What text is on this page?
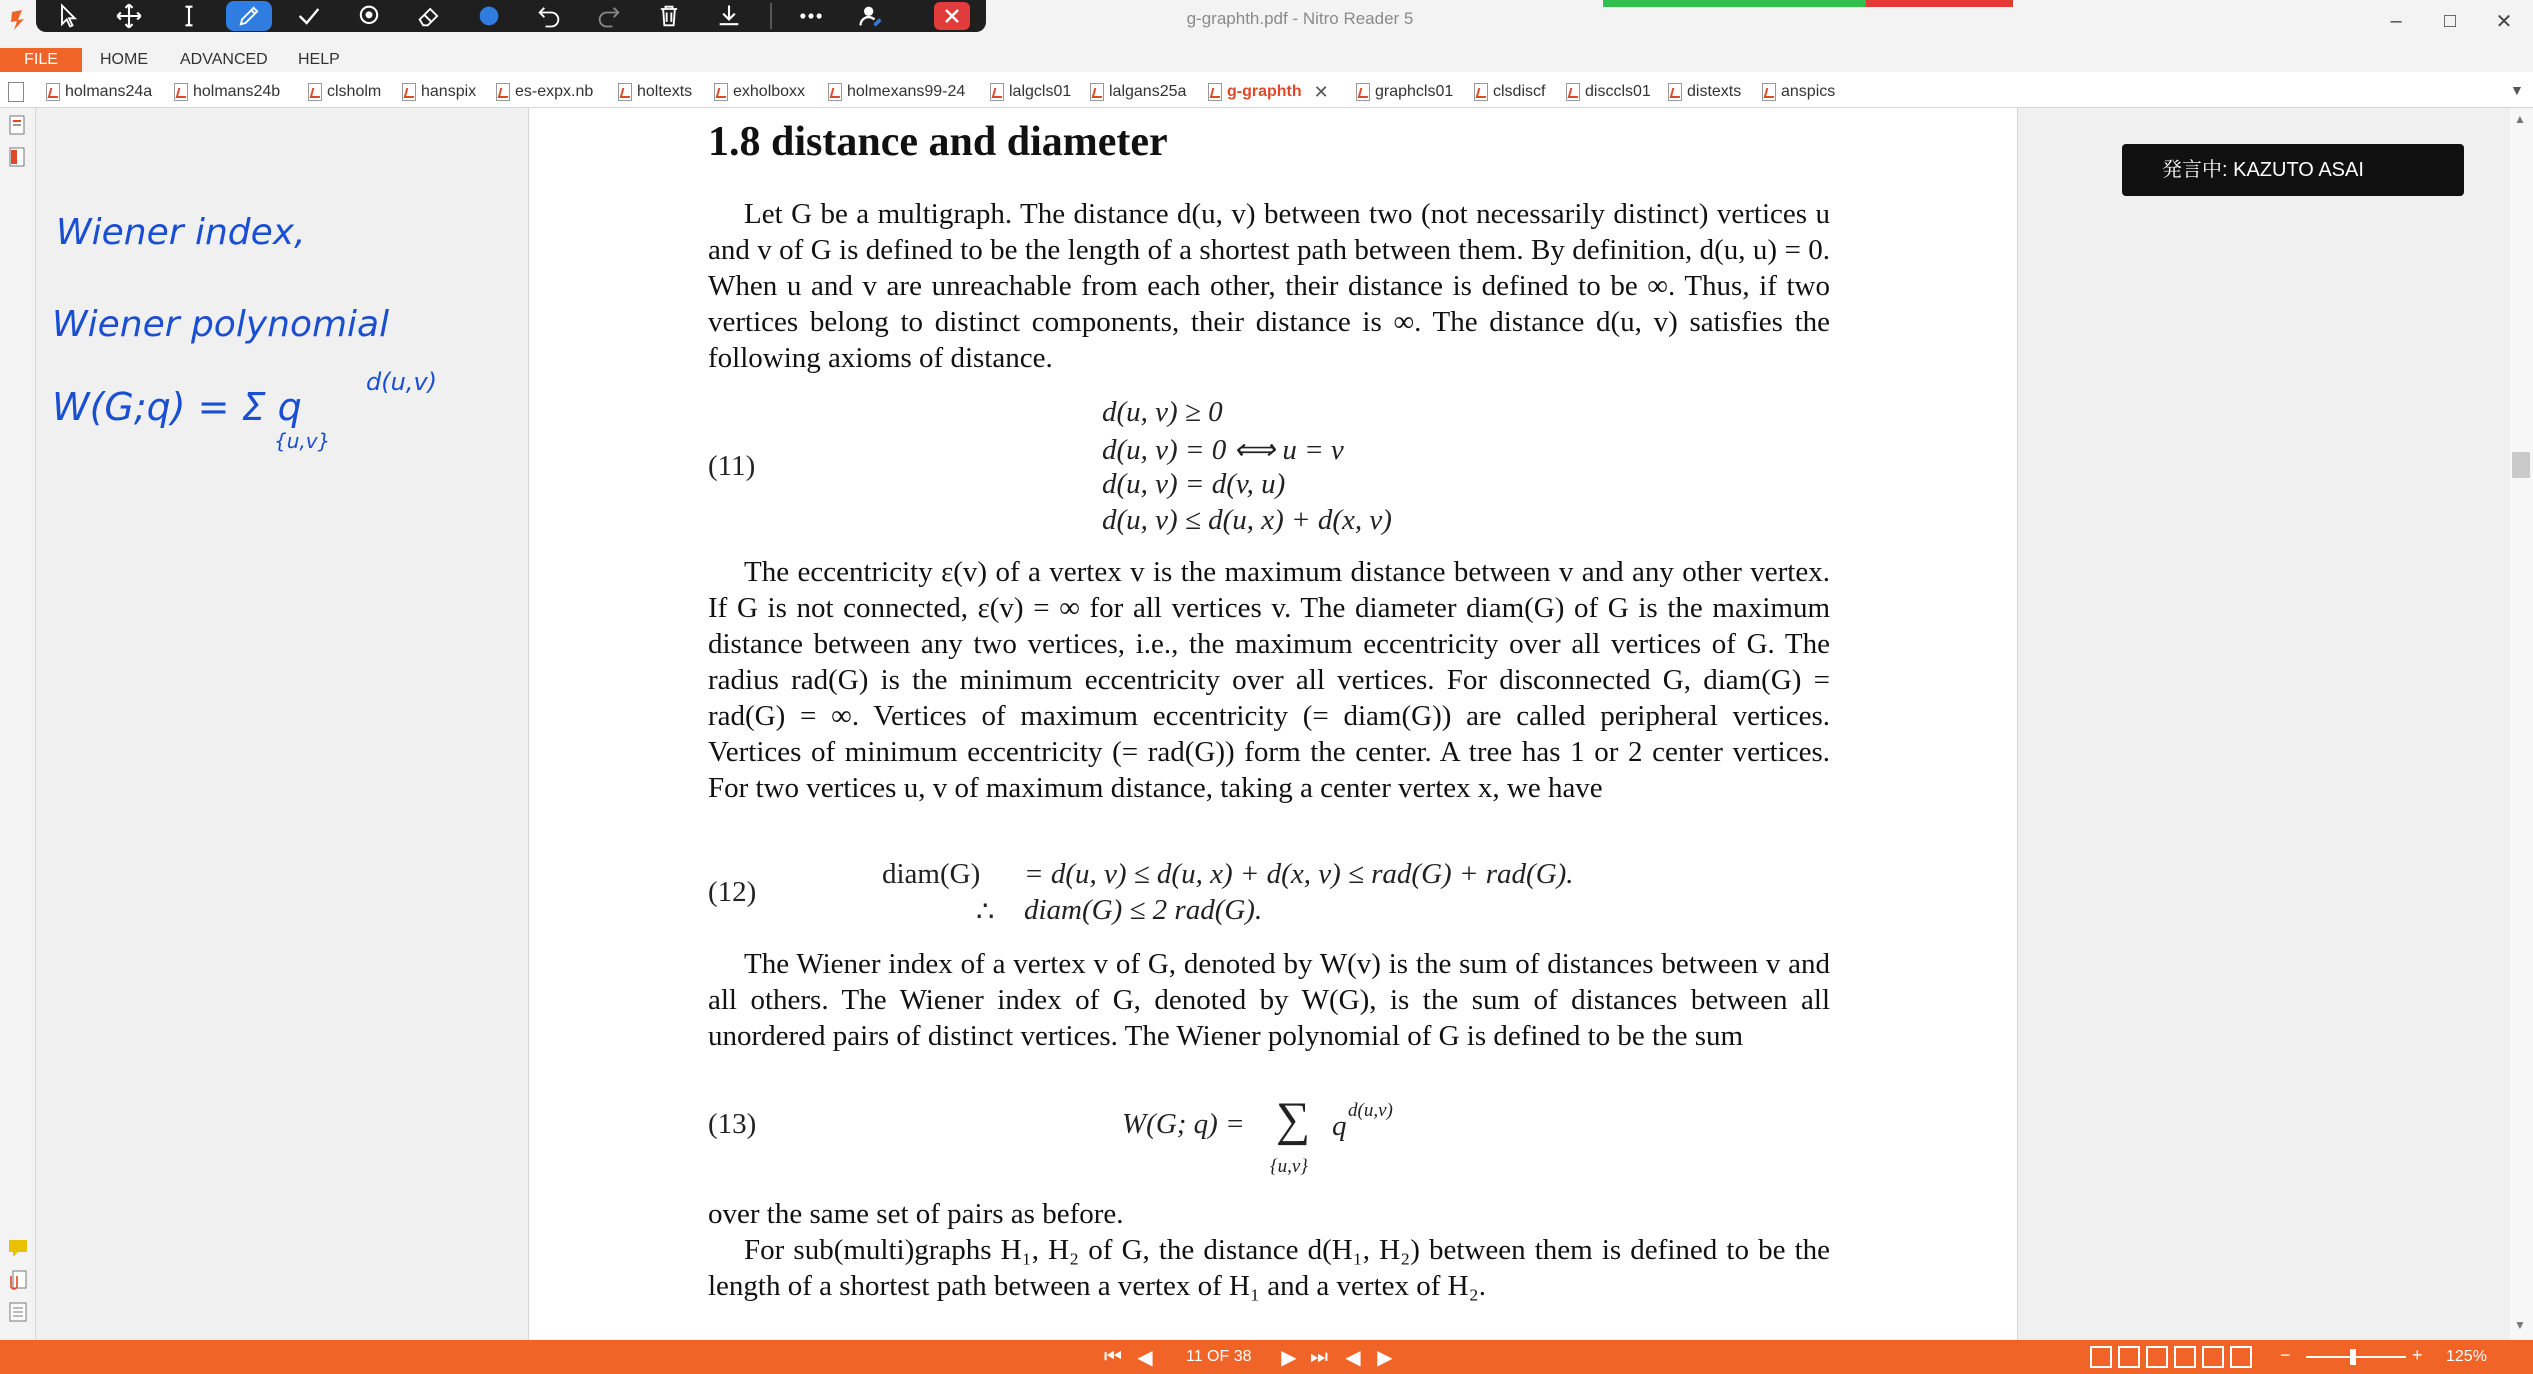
g-graphth.pdf - Nitro Reader 5	–	□	✕
FILE	HOME ADVANCED HELP
holmans24a	holmans24b	clsholm hanspix es-expx.nb	holtexts	exholboxx	holmexans99-24	lalgcls01 lalgans25a	g-graphth ✕	graphcls01 clsdiscf disccls01 distexts anspics	▼
▲
▼
発言中: KAZUTO ASAI
Wiener index,
Wiener polynomial
W(G;q) = Σ q
d(u,v)
{u,v}
1.8 distance and diameter

Let G be a multigraph. The distance d(u, v) between two (not necessarily distinct) vertices u and v of G is defined to be the length of a shortest path between them. By definition, d(u, u) = 0. When u and v are unreachable from each other, their distance is defined to be ∞. Thus, if two vertices belong to distinct components, their distance is ∞. The distance d(u, v) satisfies the following axioms of distance.

(11)
d(u, v) ≥ 0
d(u, v) = 0 ⟺ u = v
d(u, v) = d(v, u)
d(u, v) ≤ d(u, x) + d(x, v)

The eccentricity ε(v) of a vertex v is the maximum distance between v and any other vertex. If G is not connected, ε(v) = ∞ for all vertices v. The diameter diam(G) of G is the maximum distance between any two vertices, i.e., the maximum eccentricity over all vertices of G. The radius rad(G) is the minimum eccentricity over all vertices. For disconnected G, diam(G) = rad(G) = ∞. Vertices of maximum eccentricity (= diam(G)) are called peripheral vertices. Vertices of minimum eccentricity (= rad(G)) form the center. A tree has 1 or 2 center vertices. For two vertices u, v of maximum distance, taking a center vertex x, we have

(12)
diam(G) = d(u, v) ≤ d(u, x) + d(x, v) ≤ rad(G) + rad(G).
∴ diam(G) ≤ 2 rad(G).

The Wiener index of a vertex v of G, denoted by W(v) is the sum of distances between v and all others. The Wiener index of G, denoted by W(G), is the sum of distances between all unordered pairs of distinct vertices. The Wiener polynomial of G is defined to be the sum

(13)	W(G; q) = ∑ q d(u,v)
{u,v}
over the same set of pairs as before.

For sub(multi)graphs H₁, H₂ of G, the distance d(H₁, H₂) between them is defined to be the length of a shortest path between a vertex of H₁ and a vertex of H₂.

⏮ ◀	11 OF 38 ▶ ⏭ ◀ ▶	−	+ 125%
